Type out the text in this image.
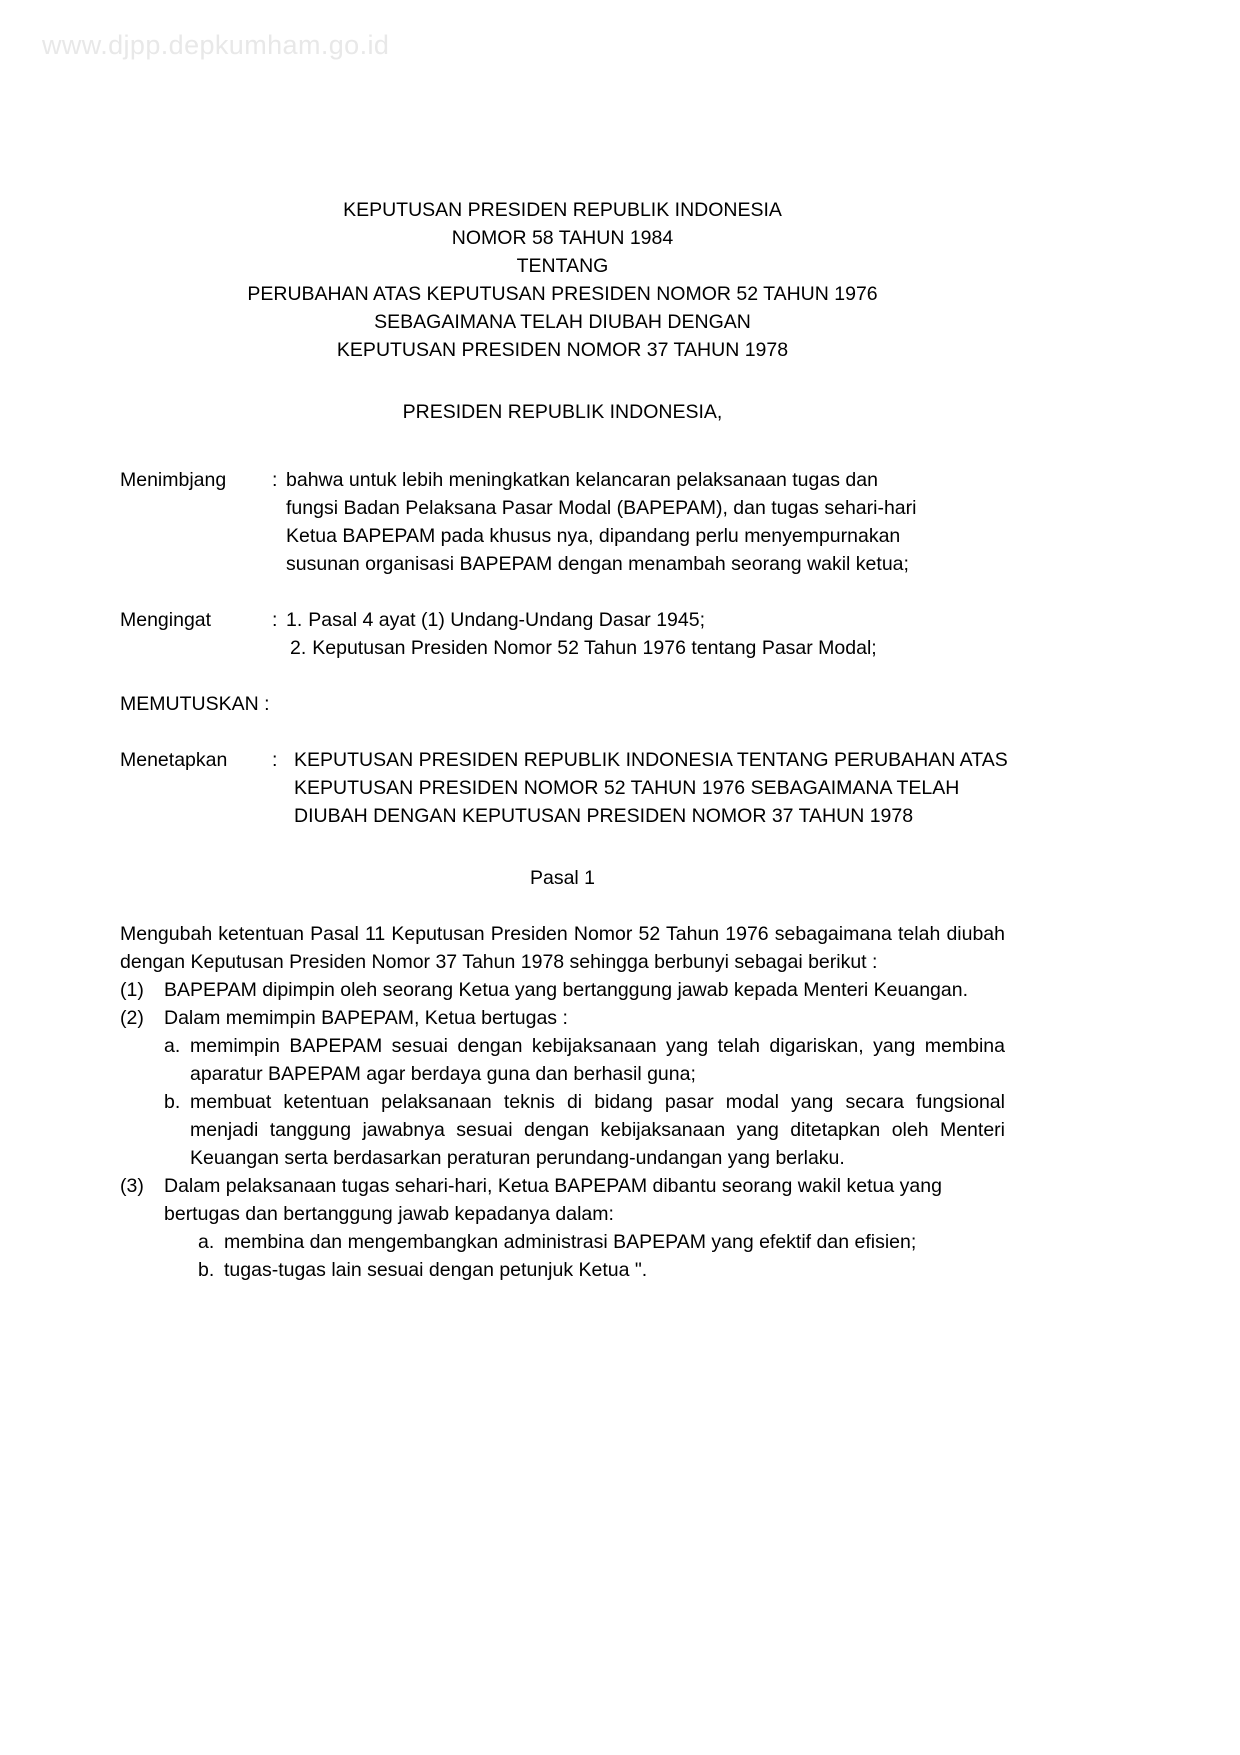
www.djpp.depkumham.go.id
KEPUTUSAN PRESIDEN REPUBLIK INDONESIA
NOMOR 58 TAHUN 1984
TENTANG
PERUBAHAN ATAS KEPUTUSAN PRESIDEN NOMOR 52 TAHUN 1976
SEBAGAIMANA TELAH DIUBAH DENGAN
KEPUTUSAN PRESIDEN NOMOR 37 TAHUN 1978
PRESIDEN REPUBLIK INDONESIA,
Menimbjang	: bahwa untuk lebih meningkatkan kelancaran pelaksanaan tugas dan
fungsi Badan Pelaksana Pasar Modal (BAPEPAM), dan tugas sehari-hari
Ketua BAPEPAM pada khusus nya, dipandang perlu menyempurnakan
susunan organisasi BAPEPAM dengan menambah seorang wakil ketua;
Mengingat	: 1. Pasal 4 ayat (1) Undang-Undang Dasar 1945;
2. Keputusan Presiden Nomor 52 Tahun 1976 tentang Pasar Modal;
MEMUTUSKAN :
Menetapkan	: KEPUTUSAN PRESIDEN REPUBLIK INDONESIA TENTANG PERUBAHAN ATAS
KEPUTUSAN PRESIDEN NOMOR 52 TAHUN 1976 SEBAGAIMANA TELAH
DIUBAH DENGAN KEPUTUSAN PRESIDEN NOMOR 37 TAHUN 1978
Pasal 1
Mengubah ketentuan Pasal 11 Keputusan Presiden Nomor 52 Tahun 1976 sebagaimana telah diubah dengan Keputusan Presiden Nomor 37 Tahun 1978 sehingga berbunyi sebagai berikut :
(1)	BAPEPAM dipimpin oleh seorang Ketua yang bertanggung jawab kepada Menteri Keuangan.
(2)	Dalam memimpin BAPEPAM, Ketua bertugas :
a. memimpin BAPEPAM sesuai dengan kebijaksanaan yang telah digariskan, yang membina aparatur BAPEPAM agar berdaya guna dan berhasil guna;
b. membuat ketentuan pelaksanaan teknis di bidang pasar modal yang secara fungsional menjadi tanggung jawabnya sesuai dengan kebijaksanaan yang ditetapkan oleh Menteri Keuangan serta berdasarkan peraturan perundang-undangan yang berlaku.
(3)	Dalam pelaksanaan tugas sehari-hari, Ketua BAPEPAM dibantu seorang wakil ketua yang bertugas dan bertanggung jawab kepadanya dalam:
a. membina dan mengembangkan administrasi BAPEPAM yang efektif dan efisien;
b. tugas-tugas lain sesuai dengan petunjuk Ketua ".
